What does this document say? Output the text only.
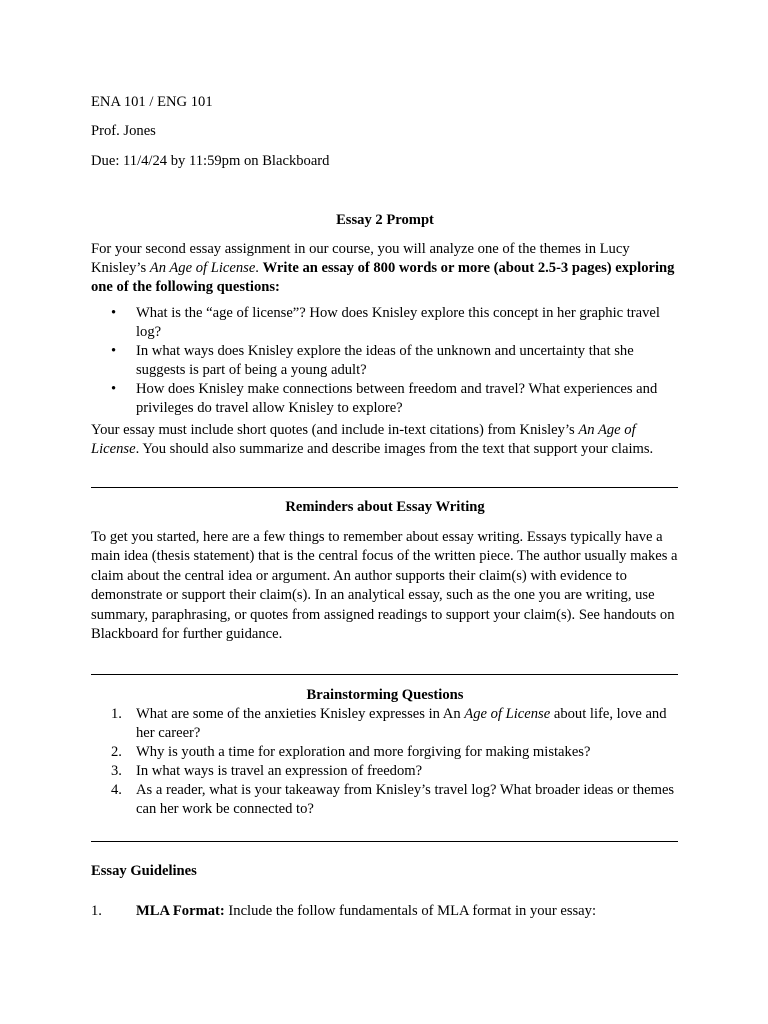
ENA 101 / ENG 101
Prof. Jones
Due: 11/4/24 by 11:59pm on Blackboard
Essay 2 Prompt

For your second essay assignment in our course, you will analyze one of the themes in Lucy Knisley’s An Age of License. Write an essay of 800 words or more (about 2.5-3 pages) exploring one of the following questions:

• What is the “age of license”? How does Knisley explore this concept in her graphic travel log?
• In what ways does Knisley explore the ideas of the unknown and uncertainty that she suggests is part of being a young adult?
• How does Knisley make connections between freedom and travel? What experiences and privileges do travel allow Knisley to explore?

Your essay must include short quotes (and include in-text citations) from Knisley’s An Age of License. You should also summarize and describe images from the text that support your claims.

Reminders about Essay Writing

To get you started, here are a few things to remember about essay writing. Essays typically have a main idea (thesis statement) that is the central focus of the written piece. The author usually makes a claim about the central idea or argument. An author supports their claim(s) with evidence to demonstrate or support their claim(s). In an analytical essay, such as the one you are writing, use summary, paraphrasing, or quotes from assigned readings to support your claim(s). See handouts on Blackboard for further guidance.

Brainstorming Questions
1. What are some of the anxieties Knisley expresses in An Age of License about life, love and her career?
2. Why is youth a time for exploration and more forgiving for making mistakes?
3. In what ways is travel an expression of freedom?
4. As a reader, what is your takeaway from Knisley’s travel log? What broader ideas or themes can her work be connected to?
Essay Guidelines
1. MLA Format: Include the follow fundamentals of MLA format in your essay:
